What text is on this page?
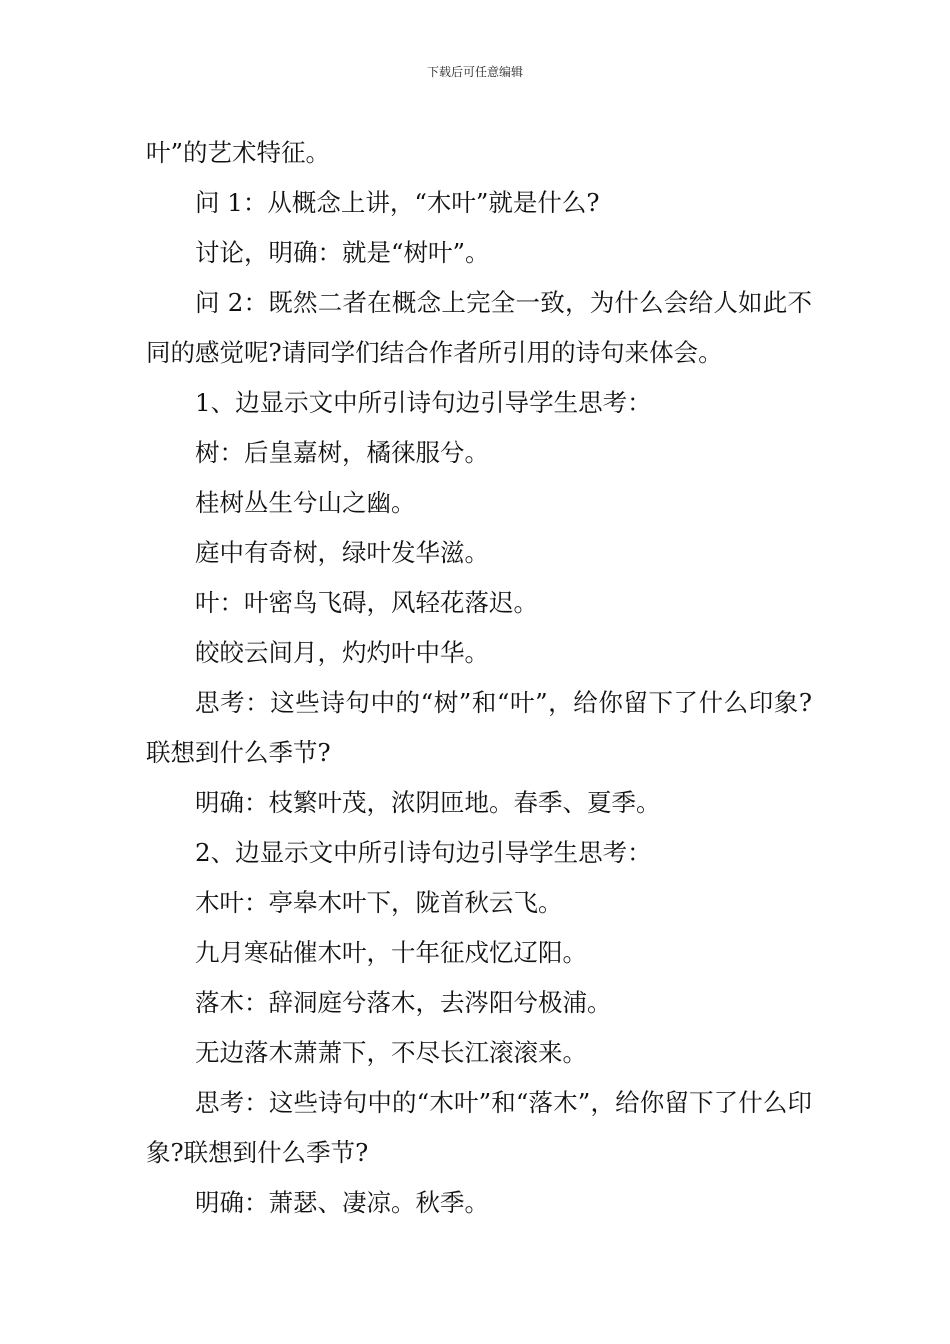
下载后可任意编辑

叶”的艺术特征。

问 1：从概念上讲，“木叶”就是什么?

讨论，明确：就是“树叶”。

问 2：既然二者在概念上完全一致，为什么会给人如此不同的感觉呢?请同学们结合作者所引用的诗句来体会。

1、边显示文中所引诗句边引导学生思考：

树：后皇嘉树，橘徕服兮。

桂树丛生兮山之幽。

庭中有奇树，绿叶发华滋。

叶：叶密鸟飞碍，风轻花落迟。

皎皎云间月，灼灼叶中华。

思考：这些诗句中的“树”和“叶”，给你留下了什么印象?联想到什么季节?

明确：枝繁叶茂，浓阴匝地。春季、夏季。

2、边显示文中所引诗句边引导学生思考：

木叶：亭皋木叶下，陇首秋云飞。

九月寒砧催木叶，十年征戍忆辽阳。

落木：辞洞庭兮落木，去涔阳兮极浦。

无边落木萧萧下，不尽长江滚滚来。

思考：这些诗句中的“木叶”和“落木”，给你留下了什么印象?联想到什么季节?

明确：萧瑟、凄凉。秋季。
